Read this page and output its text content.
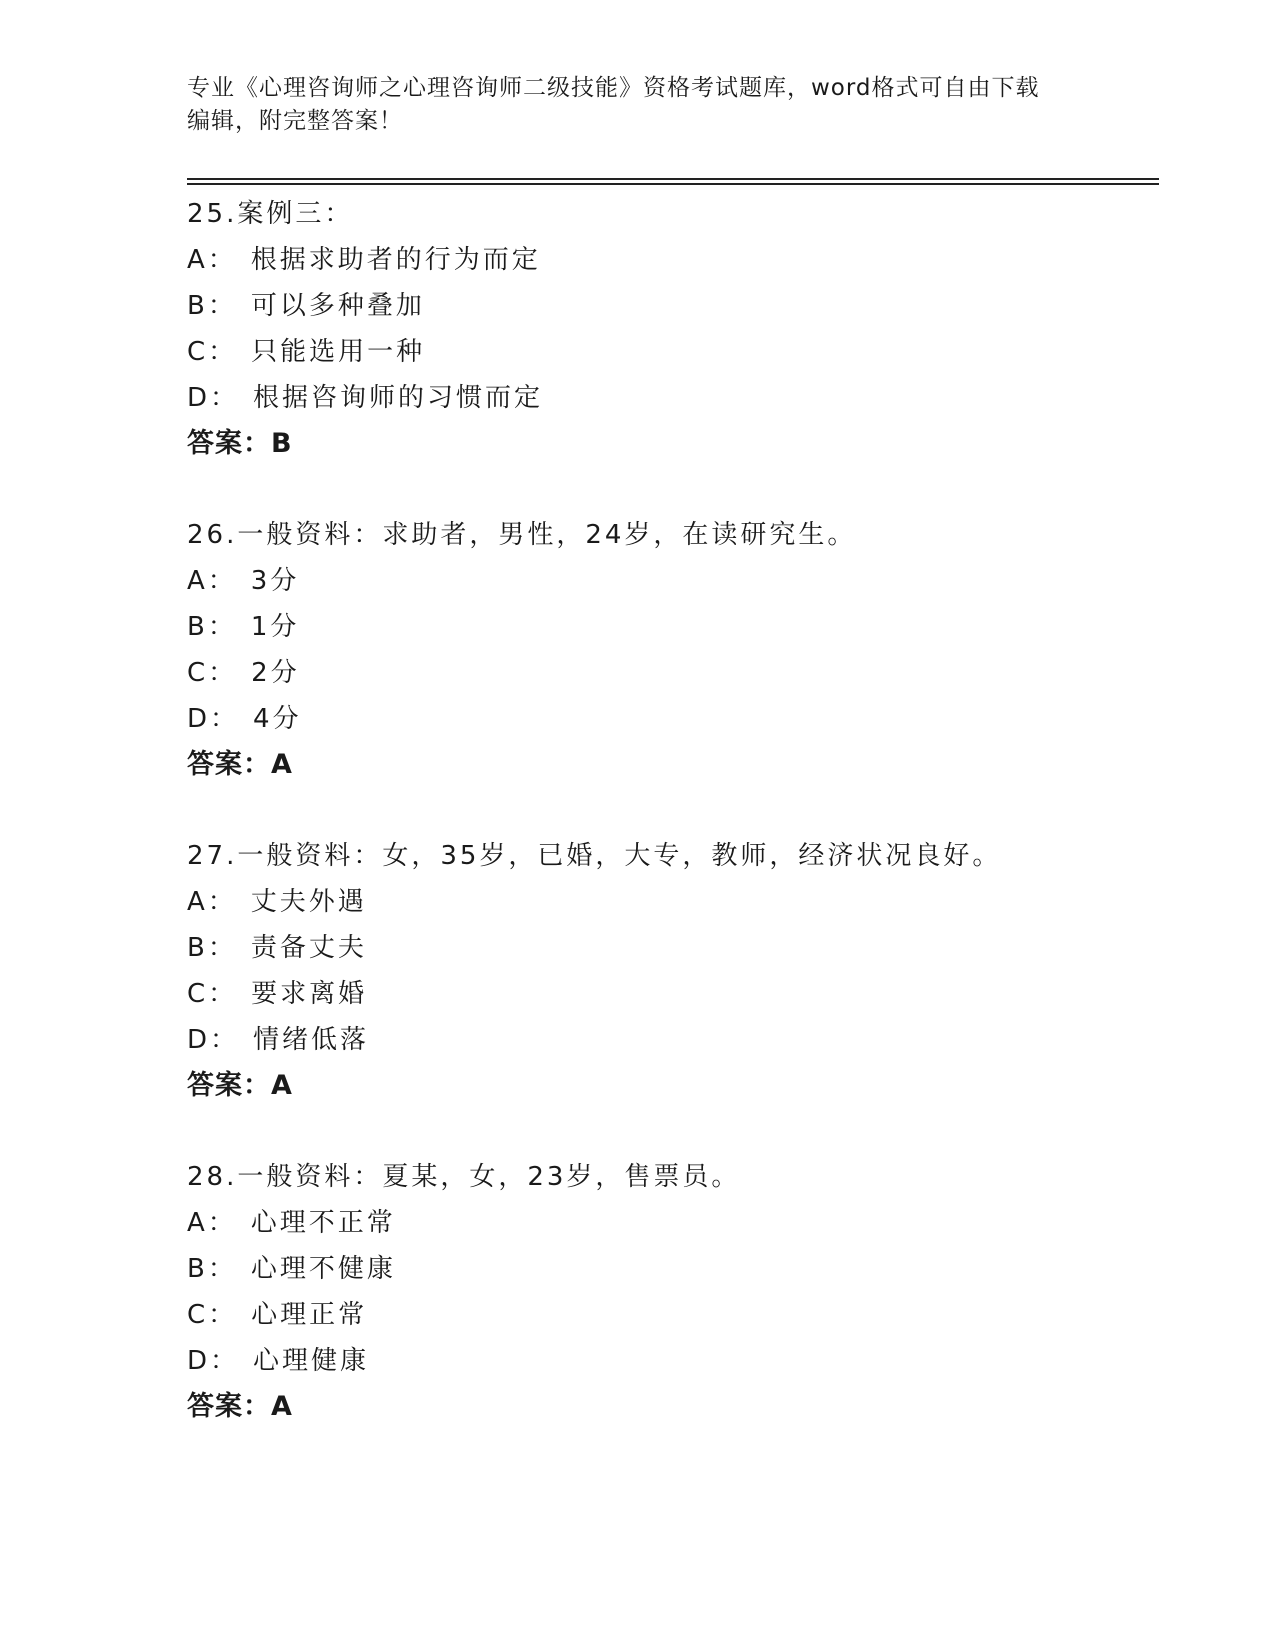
专业《心理咨询师之心理咨询师二级技能》资格考试题库，word格式可自由下载
编辑，附完整答案！
25.案例三：
A： 根据求助者的行为而定
B： 可以多种叠加
C： 只能选用一种
D： 根据咨询师的习惯而定
答案：B
26.一般资料：求助者，男性，24岁，在读研究生。
A： 3分
B： 1分
C： 2分
D： 4分
答案：A
27.一般资料：女，35岁，已婚，大专，教师，经济状况良好。
A： 丈夫外遇
B： 责备丈夫
C： 要求离婚
D： 情绪低落
答案：A
28.一般资料：夏某，女，23岁，售票员。
A： 心理不正常
B： 心理不健康
C： 心理正常
D： 心理健康
答案：A
